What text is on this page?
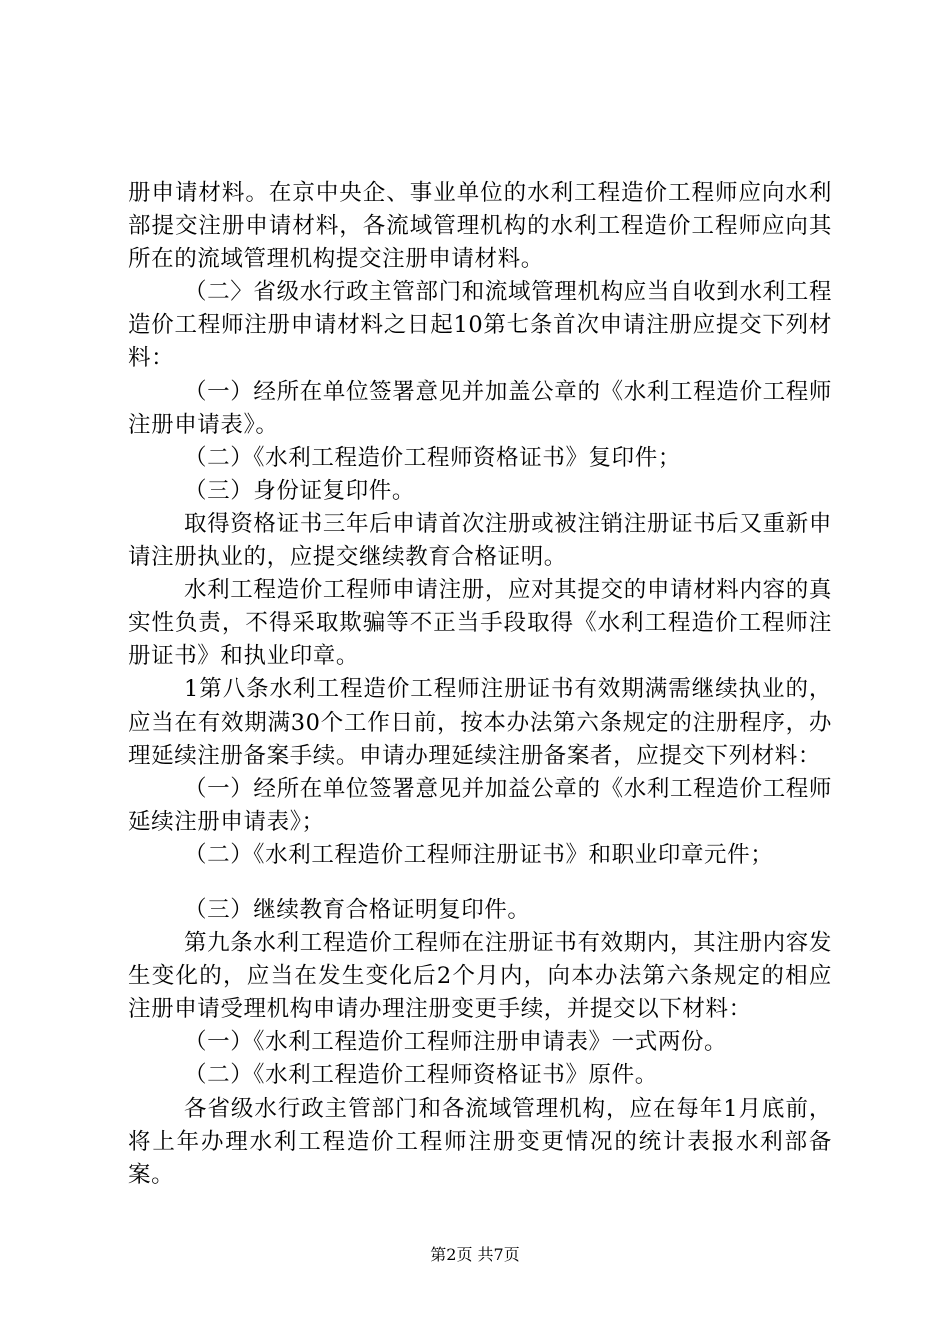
册申请材料。在京中央企、事业单位的水利工程造价工程师应向水利部提交注册申请材料，各流域管理机构的水利工程造价工程师应向其所在的流域管理机构提交注册申请材料。

（二〉省级水行政主管部门和流域管理机构应当自收到水利工程造价工程师注册申请材料之日起10第七条首次申请注册应提交下列材料：

（一）经所在单位签署意见并加盖公章的《水利工程造价工程师注册申请表》。

（二）《水利工程造价工程师资格证书》复印件；

（三）身份证复印件。

取得资格证书三年后申请首次注册或被注销注册证书后又重新申请注册执业的，应提交继续教育合格证明。

水利工程造价工程师申请注册，应对其提交的申请材料内容的真实性负责，不得采取欺骗等不正当手段取得《水利工程造价工程师注册证书》和执业印章。

1第八条水利工程造价工程师注册证书有效期满需继续执业的，应当在有效期满30个工作日前，按本办法第六条规定的注册程序，办理延续注册备案手续。申请办理延续注册备案者，应提交下列材料：

（一）经所在单位签署意见并加益公章的《水利工程造价工程师延续注册申请表》；

（二）《水利工程造价工程师注册证书》和职业印章元件；

（三）继续教育合格证明复印件。

第九条水利工程造价工程师在注册证书有效期内，其注册内容发生变化的，应当在发生变化后2个月内，向本办法第六条规定的相应注册申请受理机构申请办理注册变更手续，并提交以下材料：

（一）《水利工程造价工程师注册申请表》一式两份。

（二）《水利工程造价工程师资格证书》原件。

各省级水行政主管部门和各流域管理机构，应在每年1月底前，将上年办理水利工程造价工程师注册变更情况的统计表报水利部备案。

第2页 共7页
